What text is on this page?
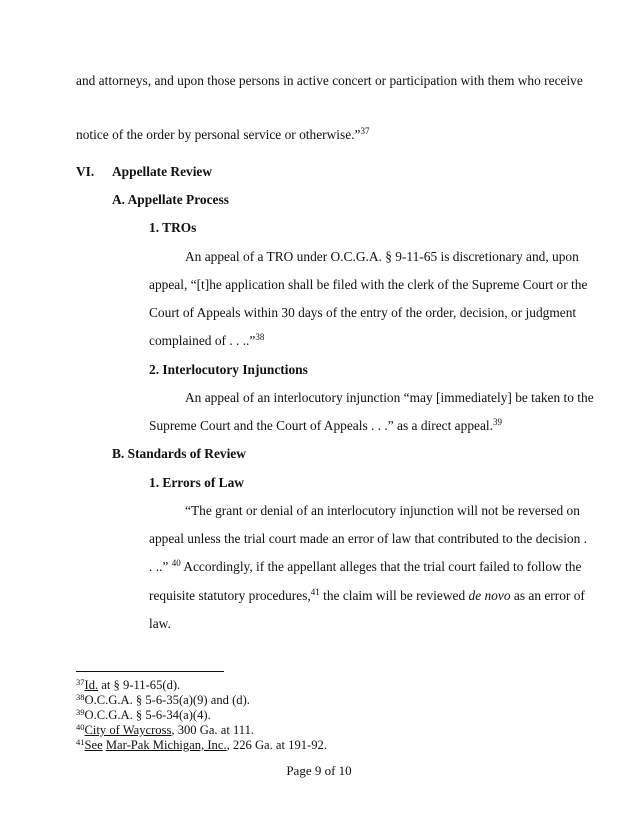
and attorneys, and upon those persons in active concert or participation with them who receive
notice of the order by personal service or otherwise.”$^{37}$
VI. Appellate Review
A. Appellate Process
1. TROs
An appeal of a TRO under O.C.G.A. § 9-11-65 is discretionary and, upon
appeal, “[t]he application shall be filed with the clerk of the Supreme Court or the
Court of Appeals within 30 days of the entry of the order, decision, or judgment
complained of . . ..”$^{38}$
2. Interlocutory Injunctions
An appeal of an interlocutory injunction “may [immediately] be taken to the
Supreme Court and the Court of Appeals . . .” as a direct appeal.$^{39}$
B. Standards of Review
1. Errors of Law
“The grant or denial of an interlocutory injunction will not be reversed on
appeal unless the trial court made an error of law that contributed to the decision .
. ..” $^{40}$ Accordingly, if the appellant alleges that the trial court failed to follow the
requisite statutory procedures,$^{41}$ the claim will be reviewed de novo as an error of
law.
$^{37}$Id. at § 9-11-65(d).
$^{38}$O.C.G.A. § 5-6-35(a)(9) and (d).
$^{39}$O.C.G.A. § 5-6-34(a)(4).
$^{40}$City of Waycross, 300 Ga. at 111.
$^{41}$See Mar-Pak Michigan, Inc., 226 Ga. at 191-92.
Page 9 of 10
